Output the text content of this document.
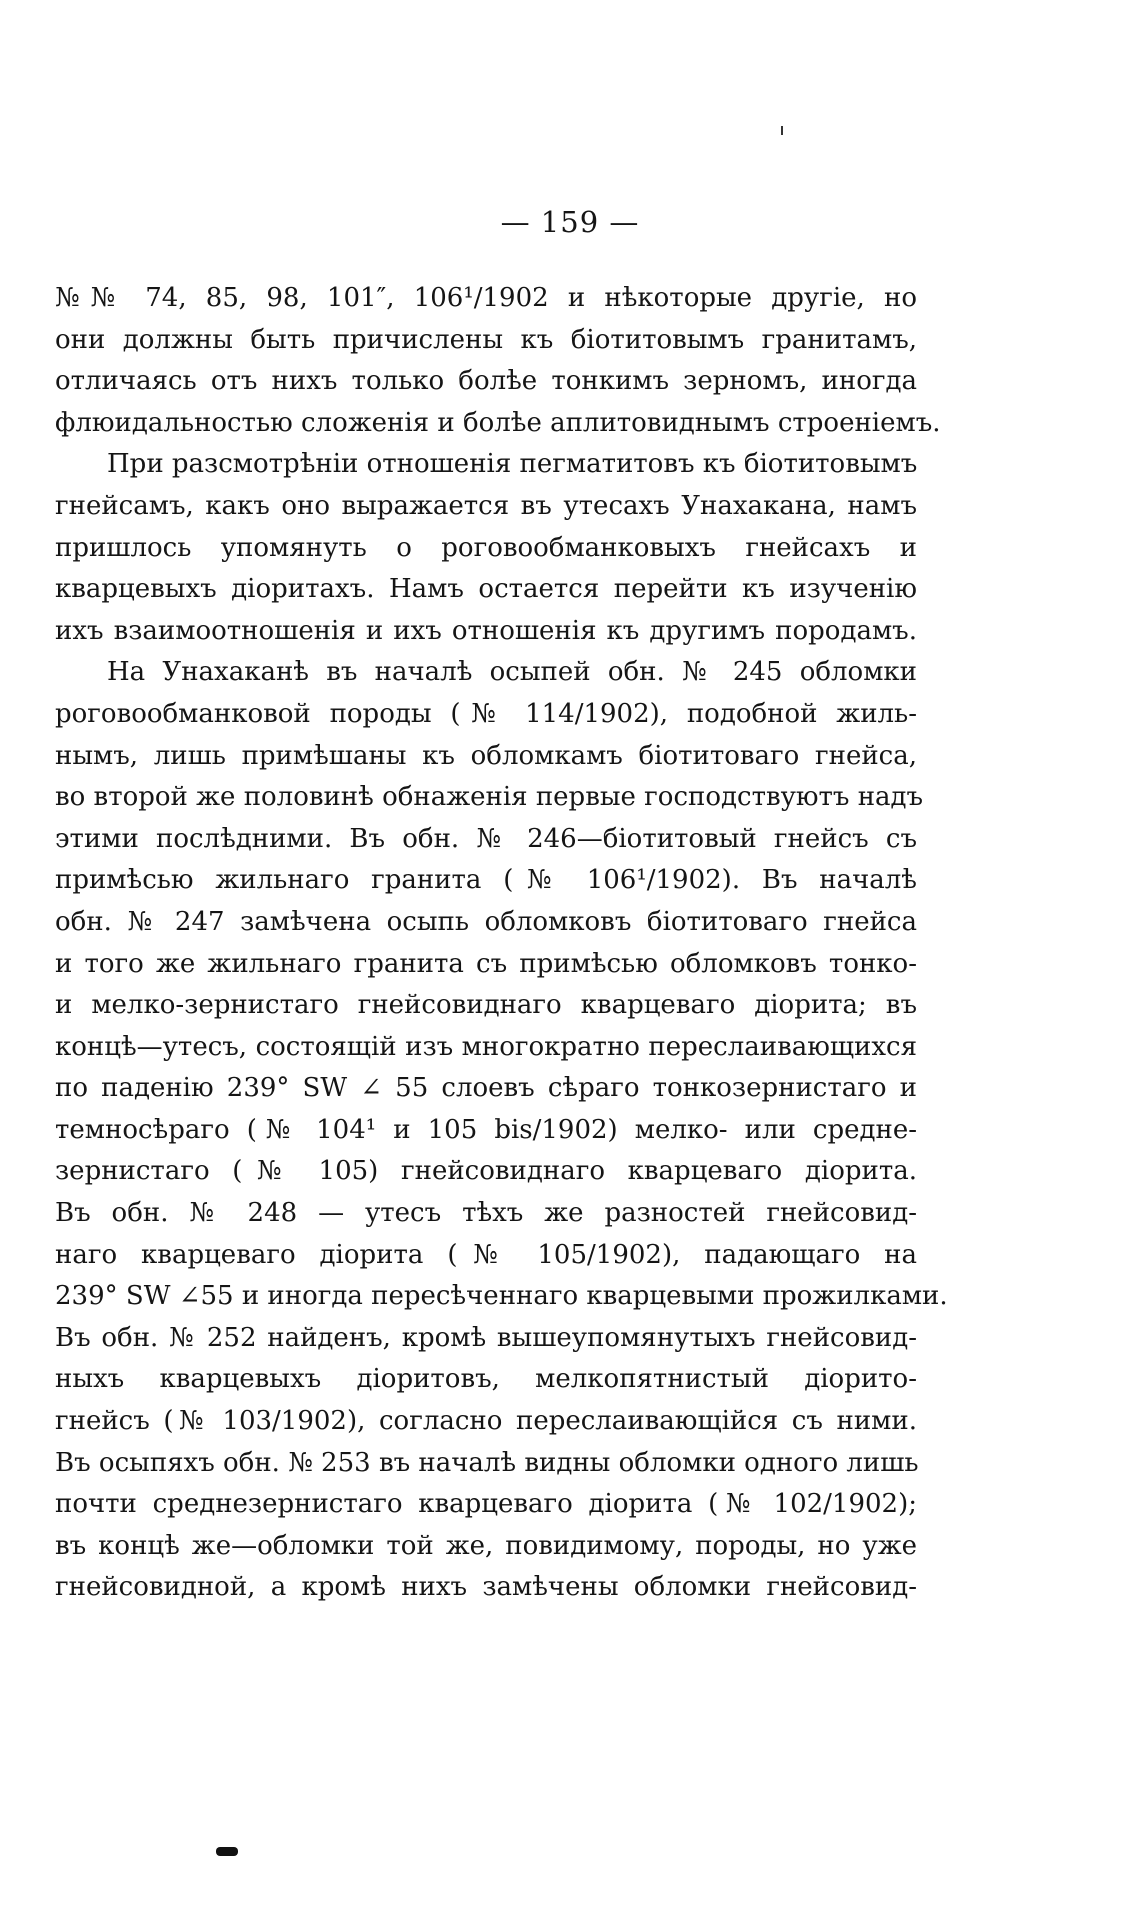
— 159 —
№№ 74, 85, 98, 101″, 106¹/1902 и нѣкоторые другіе, но
они должны быть причислены къ біотитовымъ гранитамъ,
отличаясь отъ нихъ только болѣе тонкимъ зерномъ, иногда
флюидальностью сложенія и болѣе аплитовиднымъ строеніемъ.
При разсмотрѣніи отношенія пегматитовъ къ біотитовымъ
гнейсамъ, какъ оно выражается въ утесахъ Унахакана, намъ
пришлось упомянуть о роговообманковыхъ гнейсахъ и
кварцевыхъ діоритахъ. Намъ остается перейти къ изученію
ихъ взаимоотношенія и ихъ отношенія къ другимъ породамъ.
На Унахаканѣ въ началѣ осыпей обн. № 245 обломки
роговообманковой породы (№ 114/1902), подобной жиль-
нымъ, лишь примѣшаны къ обломкамъ біотитоваго гнейса,
во второй же половинѣ обнаженія первые господствуютъ надъ
этими послѣдними. Въ обн. № 246—біотитовый гнейсъ съ
примѣсью жильнаго гранита (№ 106¹/1902). Въ началѣ
обн. № 247 замѣчена осыпь обломковъ біотитоваго гнейса
и того же жильнаго гранита съ примѣсью обломковъ тонко-
и мелко-зернистаго гнейсовиднаго кварцеваго діорита; въ
концѣ—утесъ, состоящій изъ многократно переслаивающихся
по паденію 239° SW ∠ 55 слоевъ сѣраго тонкозернистаго и
темносѣраго (№ 104¹ и 105 bis/1902) мелко- или средне-
зернистаго (№ 105) гнейсовиднаго кварцеваго діорита.
Въ обн. № 248 — утесъ тѣхъ же разностей гнейсовид-
наго кварцеваго діорита (№ 105/1902), падающаго на
239° SW ∠55 и иногда пересѣченнаго кварцевыми прожилками.
Въ обн. № 252 найденъ, кромѣ вышеупомянутыхъ гнейсовид-
ныхъ кварцевыхъ діоритовъ, мелкопятнистый діорито-
гнейсъ (№ 103/1902), согласно переслаивающійся съ ними.
Въ осыпяхъ обн. № 253 въ началѣ видны обломки одного лишь
почти среднезернистаго кварцеваго діорита (№ 102/1902);
въ концѣ же—обломки той же, повидимому, породы, но уже
гнейсовидной, а кромѣ нихъ замѣчены обломки гнейсовид-
